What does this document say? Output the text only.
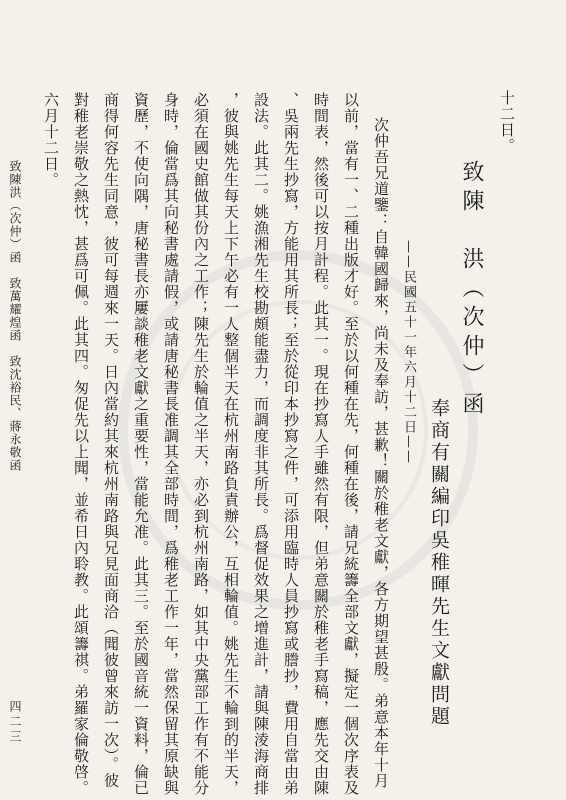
十二日。
致陳　洪（次仲）函
奉商有關編印吳稚暉先生文獻問題
——民國五十一年六月十二日——
次仲吾兄道鑒：自韓國歸來，尚未及奉訪，甚歉！關於稚老文獻，各方期望甚殷。弟意本年十月
以前，當有一、二種出版才好。至於以何種在先，何種在後，請兄統籌全部文獻，擬定一個次序表及
時間表，然後可以按月計程。此其一。現在抄寫人手雖然有限，但弟意關於稚老手寫稿，應先交由陳
、吳兩先生抄寫，方能用其所長；至於從印本抄寫之件，可添用臨時人員抄寫或謄抄，費用自當由弟
設法。此其二。姚漁湘先生校勘頗能盡力，而調度非其所長。爲督促效果之增進計，請與陳淩海商排
，彼與姚先生每天上下午必有一人整個半天在杭州南路負責辦公，互相輪值。姚先生不輪到的半天，
必須在國史館做其份內之工作；陳先生於輪值之半天，亦必到杭州南路，如其中央黨部工作有不能分
身時，倫當爲其向秘書處請假，或請唐秘書長准調其全部時間，爲稚老工作一年，當然保留其原缺與
資歷，不使向隅，唐秘書長亦屢談稚老文獻之重要性，當能允准。此其三。至於國音統一資料，倫已
商得何容先生同意，彼可每週來一天。日內當約其來杭州南路與兄見面商洽（聞彼曾來訪一次）。彼
對稚老崇敬之熱忱，甚爲可佩。此其四。匆促先以上聞，並希日內聆教。此頌籌祺。弟羅家倫敬啓。
六月十二日。
致陳洪（次仲）函　致萬耀煌函　致沈裕民、蔣永敬函
四二三
